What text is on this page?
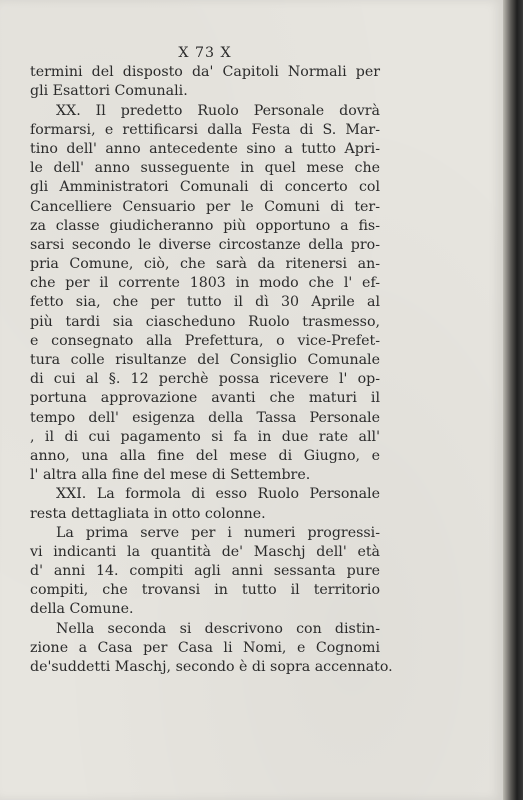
X 73 X
termini del disposto da' Capitoli Normali per
gli Esattori Comunali.
XX. Il predetto Ruolo Personale dovrà
formarsi, e rettificarsi dalla Festa di S. Mar-
tino dell' anno antecedente sino a tutto Apri-
le dell' anno susseguente in quel mese che
gli Amministratori Comunali di concerto col
Cancelliere Censuario per le Comuni di ter-
za classe giudicheranno più opportuno a fis-
sarsi secondo le diverse circostanze della pro-
pria Comune, ciò, che sarà da ritenersi an-
che per il corrente 1803 in modo che l' ef-
fetto sia, che per tutto il dì 30 Aprile al
più tardi sia ciascheduno Ruolo trasmesso,
e consegnato alla Prefettura, o vice-Prefet-
tura colle risultanze del Consiglio Comunale
di cui al §. 12 perchè possa ricevere l' op-
portuna approvazione avanti che maturi il
tempo dell' esigenza della Tassa Personale
, il di cui pagamento si fa in due rate all'
anno, una alla fine del mese di Giugno, e
l' altra alla fine del mese di Settembre.
XXI. La formola di esso Ruolo Personale
resta dettagliata in otto colonne.
La prima serve per i numeri progressi-
vi indicanti la quantità de' Maschj dell' età
d' anni 14. compiti agli anni sessanta pure
compiti, che trovansi in tutto il territorio
della Comune.
Nella seconda si descrivono con distin-
zione a Casa per Casa li Nomi, e Cognomi
de'suddetti Maschj, secondo è di sopra accennato.
